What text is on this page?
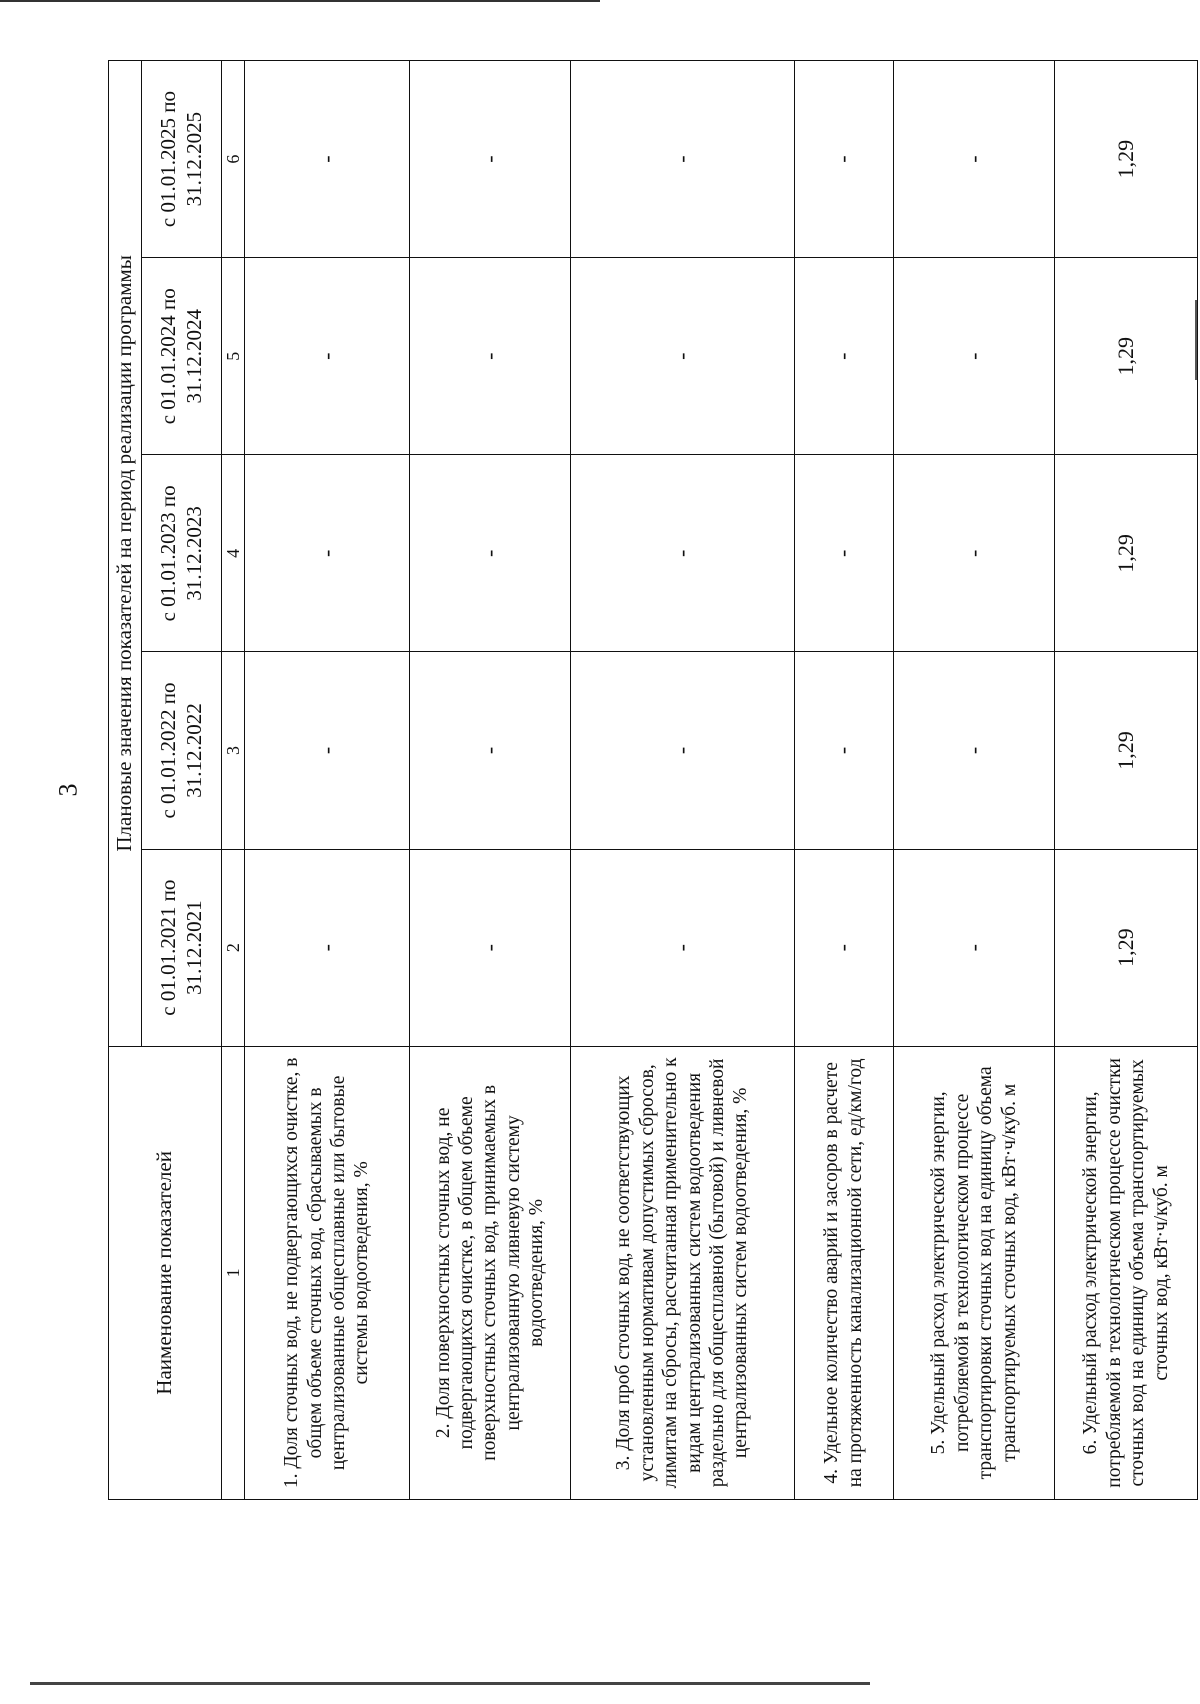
3
Наименование показателей	Плановые значения показателей на период реализации программы				
	с 01.01.2021 по 31.12.2021	с 01.01.2022 по 31.12.2022	с 01.01.2023 по 31.12.2023	с 01.01.2024 по 31.12.2024	с 01.01.2025 по 31.12.2025
1	2	3	4	5	6
1. Доля сточных вод, не подвергающихся очистке, в общем объеме сточных вод, сбрасываемых в централизованные общесплавные или бытовые системы водоотведения, %	-	-	-	-	-
2. Доля поверхностных сточных вод, не подвергающихся очистке, в общем объеме поверхностных сточных вод, принимаемых в централизованную ливневую систему водоотведения, %	-	-	-	-	-
3. Доля проб сточных вод, не соответствующих установленным нормативам допустимых сбросов, лимитам на сбросы, рассчитанная применительно к видам централизованных систем водоотведения раздельно для общесплавной (бытовой) и ливневой централизованных систем водоотведения, %	-	-	-	-	-
4. Удельное количество аварий и засоров в расчете на протяженность канализационной сети, ед/км/год	-	-	-	-	-
5. Удельный расход электрической энергии, потребляемой в технологическом процессе транспортировки сточных вод на единицу объема транспортируемых сточных вод, кВт·ч/куб. м	-	-	-	-	-
6. Удельный расход электрической энергии, потребляемой в технологическом процессе очистки сточных вод на единицу объема транспортируемых сточных вод, кВт·ч/куб. м	1,29	1,29	1,29	1,29	1,29
